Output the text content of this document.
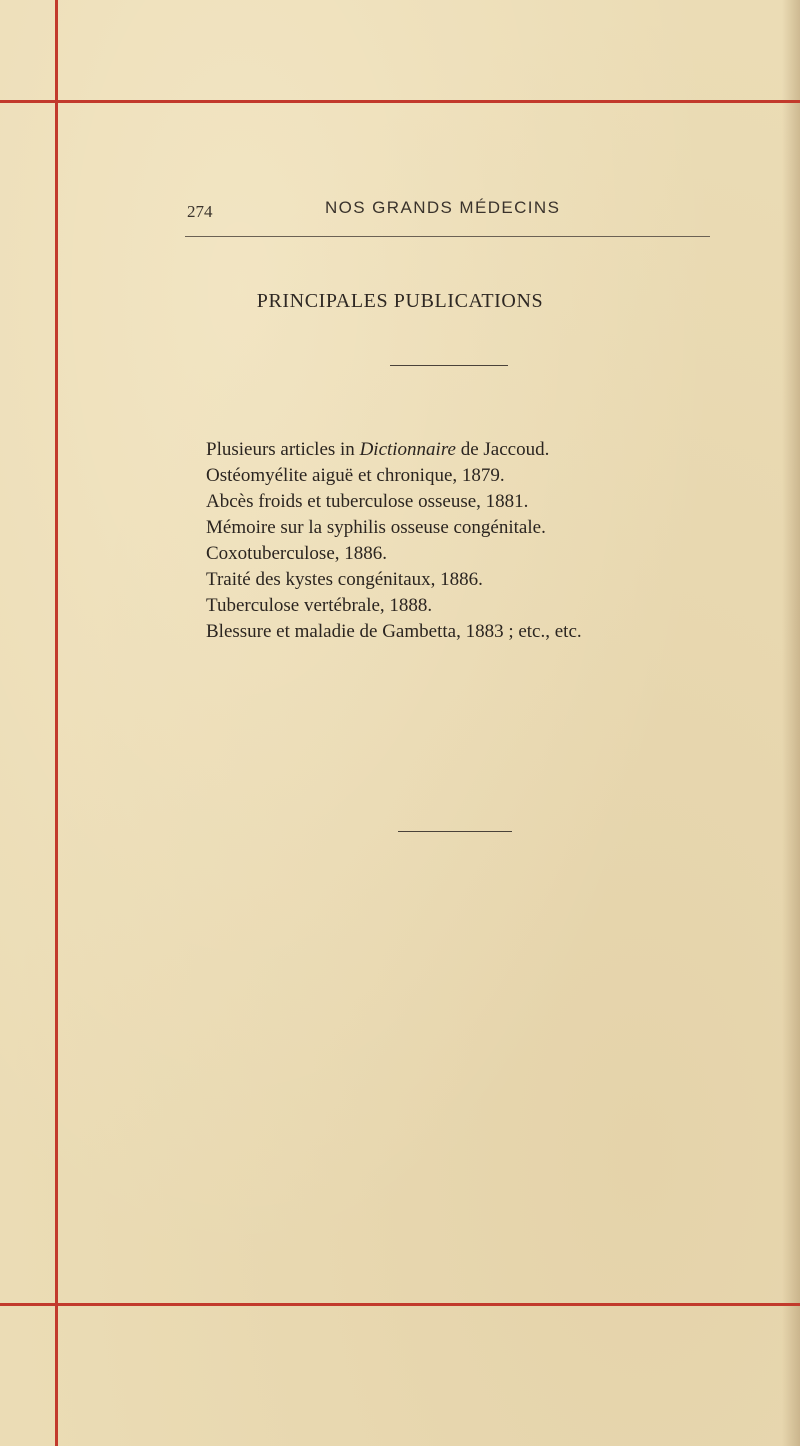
274	NOS GRANDS MÉDECINS
PRINCIPALES PUBLICATIONS
Plusieurs articles in Dictionnaire de Jaccoud.
Ostéomyélite aiguë et chronique, 1879.
Abcès froids et tuberculose osseuse, 1881.
Mémoire sur la syphilis osseuse congénitale.
Coxotuberculose, 1886.
Traité des kystes congénitaux, 1886.
Tuberculose vertébrale, 1888.
Blessure et maladie de Gambetta, 1883 ; etc., etc.
